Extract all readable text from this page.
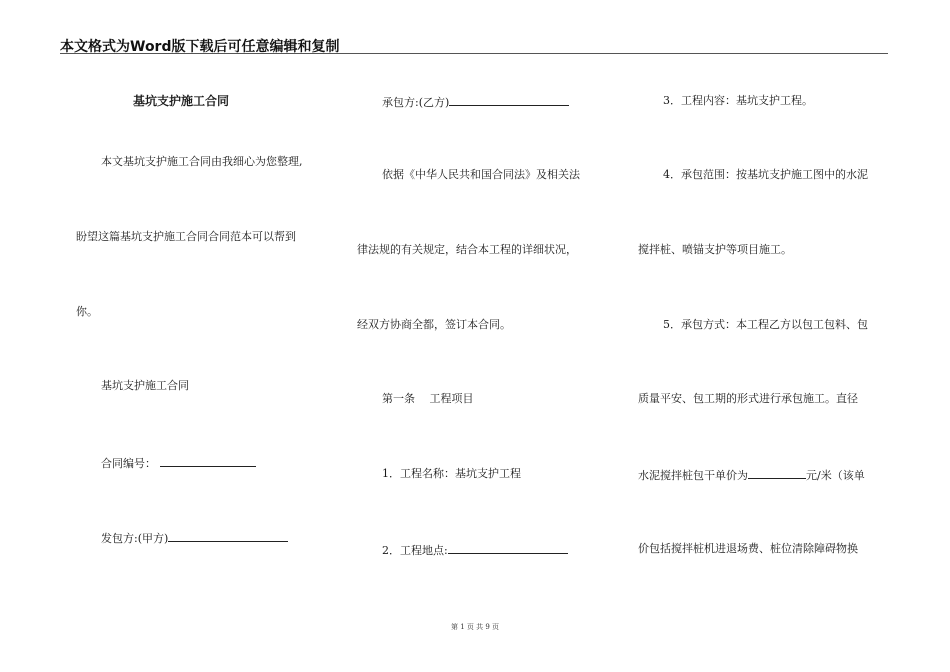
本文格式为Word版下载后可任意编辑和复制
基坑支护施工合同
本文基坑支护施工合同由我细心为您整理,
盼望这篇基坑支护施工合同合同范本可以帮到
你。
基坑支护施工合同
合同编号：
发包方:(甲方)
承包方:(乙方)
依据《中华人民共和国合同法》及相关法
律法规的有关规定，结合本工程的详细状况，
经双方协商全都，签订本合同。
第一条　 工程项目
1．工程名称：基坑支护工程
2．工程地点:
3．工程内容：基坑支护工程。
4．承包范围：按基坑支护施工图中的水泥
搅拌桩、喷锚支护等项目施工。
5．承包方式：本工程乙方以包工包料、包
质量平安、包工期的形式进行承包施工。直径
水泥搅拌桩包干单价为	元/米（该单
价包括搅拌桩机进退场费、桩位清除障碍物换
第 1 页 共 9 页
